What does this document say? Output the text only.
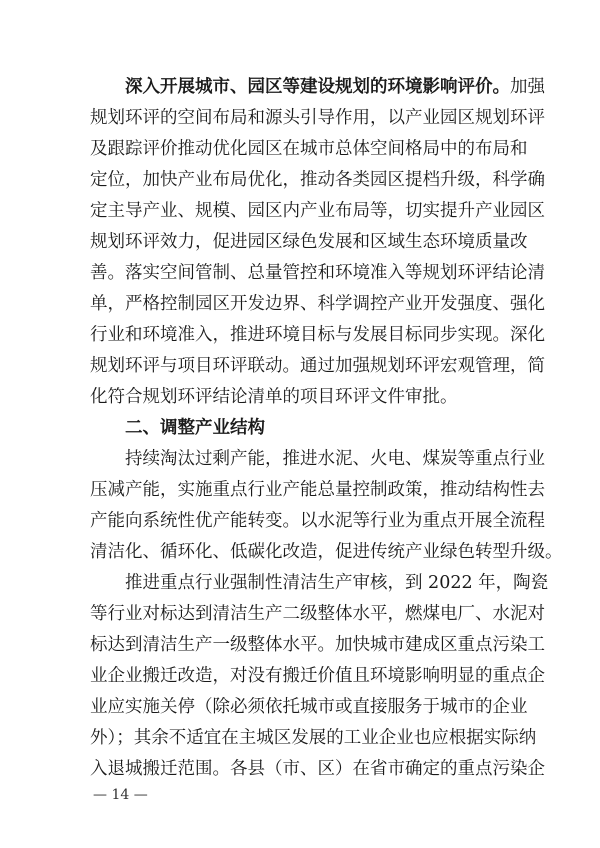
深入开展城市、园区等建设规划的环境影响评价。加强
规划环评的空间布局和源头引导作用，以产业园区规划环评
及跟踪评价推动优化园区在城市总体空间格局中的布局和
定位，加快产业布局优化，推动各类园区提档升级，科学确
定主导产业、规模、园区内产业布局等，切实提升产业园区
规划环评效力，促进园区绿色发展和区域生态环境质量改
善。落实空间管制、总量管控和环境准入等规划环评结论清
单，严格控制园区开发边界、科学调控产业开发强度、强化
行业和环境准入，推进环境目标与发展目标同步实现。深化
规划环评与项目环评联动。通过加强规划环评宏观管理，简
化符合规划环评结论清单的项目环评文件审批。
二、调整产业结构
持续淘汰过剩产能，推进水泥、火电、煤炭等重点行业
压减产能，实施重点行业产能总量控制政策，推动结构性去
产能向系统性优产能转变。以水泥等行业为重点开展全流程
清洁化、循环化、低碳化改造，促进传统产业绿色转型升级。
推进重点行业强制性清洁生产审核，到 2022 年，陶瓷
等行业对标达到清洁生产二级整体水平，燃煤电厂、水泥对
标达到清洁生产一级整体水平。加快城市建成区重点污染工
业企业搬迁改造，对没有搬迁价值且环境影响明显的重点企
业应实施关停（除必须依托城市或直接服务于城市的企业
外）；其余不适宜在主城区发展的工业企业也应根据实际纳
入退城搬迁范围。各县（市、区）在省市确定的重点污染企
— 14 —
